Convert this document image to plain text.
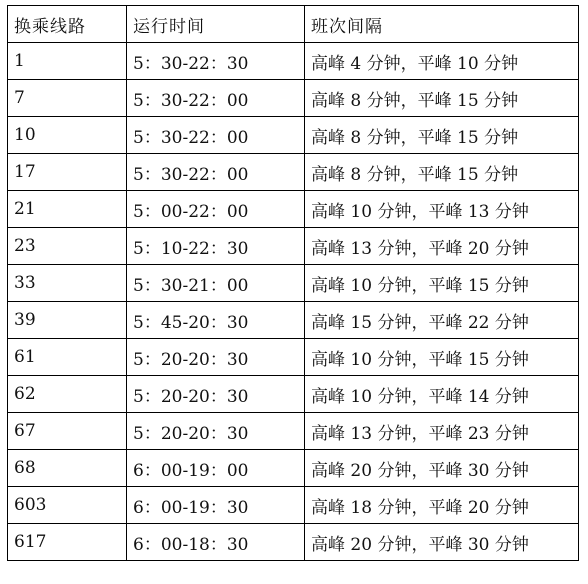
换乘线路	运行时间	班次间隔
1	5：30-22：30	高峰 4 分钟，平峰 10 分钟
7	5：30-22：00	高峰 8 分钟，平峰 15 分钟
10	5：30-22：00	高峰 8 分钟，平峰 15 分钟
17	5：30-22：00	高峰 8 分钟，平峰 15 分钟
21	5：00-22：00	高峰 10 分钟，平峰 13 分钟
23	5：10-22：30	高峰 13 分钟，平峰 20 分钟
33	5：30-21：00	高峰 10 分钟，平峰 15 分钟
39	5：45-20：30	高峰 15 分钟，平峰 22 分钟
61	5：20-20：30	高峰 10 分钟，平峰 15 分钟
62	5：20-20：30	高峰 10 分钟，平峰 14 分钟
67	5：20-20：30	高峰 13 分钟，平峰 23 分钟
68	6：00-19：00	高峰 20 分钟，平峰 30 分钟
603	6：00-19：30	高峰 18 分钟，平峰 20 分钟
617	6：00-18：30	高峰 20 分钟，平峰 30 分钟
